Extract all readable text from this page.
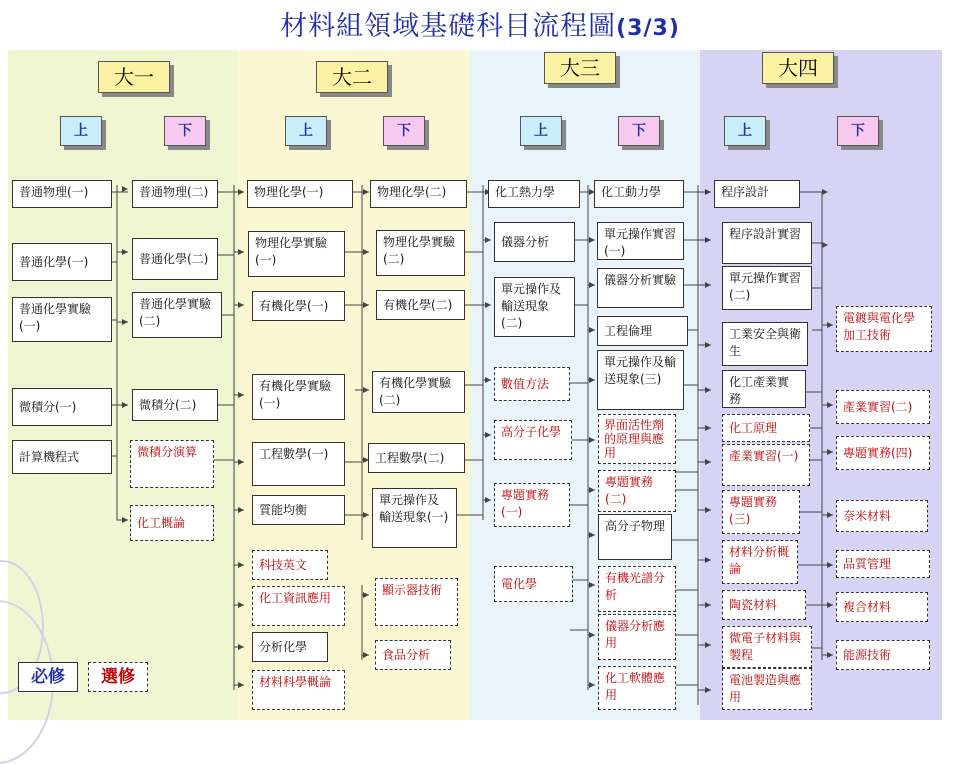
材料組領域基礎科目流程圖(3/3)
大一	大二	大三	大四
上	下	上	下	上	下	上	下
普通物理(一)
普通化學(一)
普通化學實驗(一)
微積分(一)
計算機程式
普通物理(二)
普通化學(二)
普通化學實驗(二)
微積分(二)
微積分演算
化工概論
物理化學(一)
物理化學實驗(一)
有機化學(一)
有機化學實驗(一)
工程數學(一)
質能均衡
科技英文
化工資訊應用
分析化學
材料科學概論
物理化學(二)
物理化學實驗(二)
有機化學(二)
有機化學實驗(二)
工程數學(二)
單元操作及輸送現象(一)
顯示器技術
食品分析
化工熱力學
儀器分析
單元操作及輸送現象(二)
數值方法
高分子化學
專題實務(一)
電化學
化工動力學
單元操作實習(一)
儀器分析實驗
工程倫理
單元操作及輸送現象(三)
界面活性劑的原理與應用
專題實務(二)
高分子物理
有機光譜分析
儀器分析應用
化工軟體應用
程序設計
程序設計實習
單元操作實習(二)
工業安全與衛生
化工產業實務
化工原理
產業實習(一)
專題實務(三)
材料分析概論
陶瓷材料
微電子材料與製程
電池製造與應用
電鍍與電化學加工技術
產業實習(二)
專題實務(四)
奈米材料
品質管理
複合材料
能源技術
必修	選修
